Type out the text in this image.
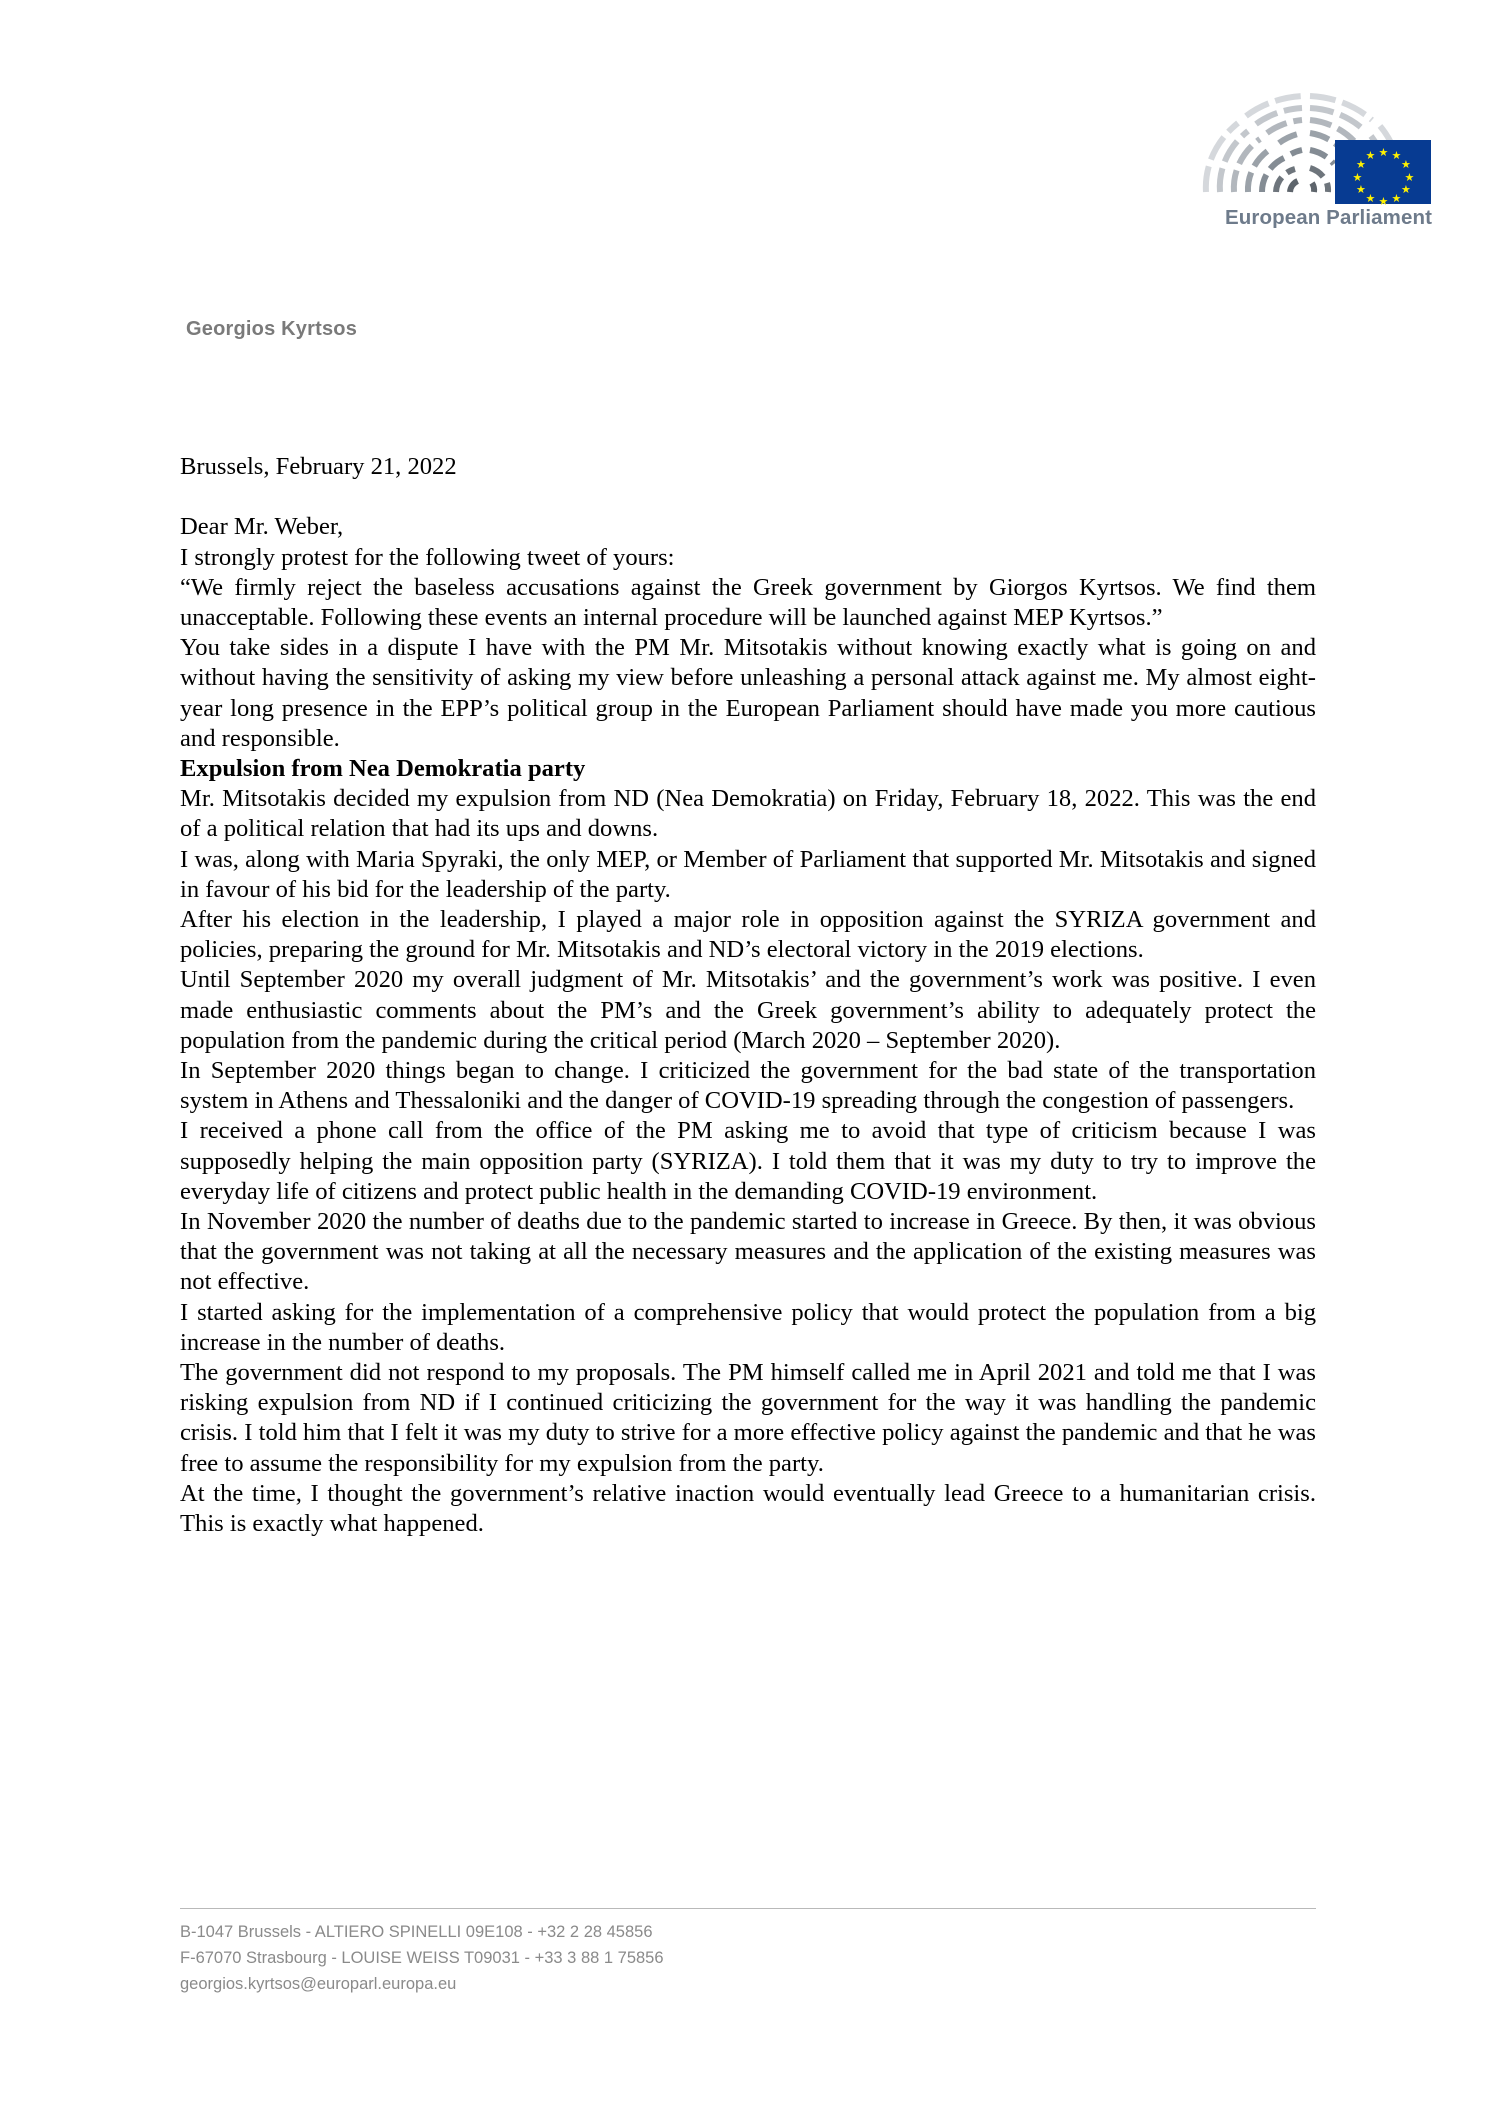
★ ★
★
★
★
★
★
★
★
★
★
★
European Parliament
Georgios Kyrtsos

Brussels, February 21, 2022

Dear Mr. Weber,

I strongly protest for the following tweet of yours:

“We firmly reject the baseless accusations against the Greek government by Giorgos Kyrtsos. We find them unacceptable. Following these events an internal procedure will be launched against MEP Kyrtsos.”

You take sides in a dispute I have with the PM Mr. Mitsotakis without knowing exactly what is going on and without having the sensitivity of asking my view before unleashing a personal attack against me. My almost eight-year long presence in the EPP’s political group in the European Parliament should have made you more cautious and responsible.

Expulsion from Nea Demokratia party

Mr. Mitsotakis decided my expulsion from ND (Nea Demokratia) on Friday, February 18, 2022. This was the end of a political relation that had its ups and downs.

I was, along with Maria Spyraki, the only MEP, or Member of Parliament that supported Mr. Mitsotakis and signed in favour of his bid for the leadership of the party.

After his election in the leadership, I played a major role in opposition against the SYRIZA government and policies, preparing the ground for Mr. Mitsotakis and ND’s electoral victory in the 2019 elections.

Until September 2020 my overall judgment of Mr. Mitsotakis’ and the government’s work was positive. I even made enthusiastic comments about the PM’s and the Greek government’s ability to adequately protect the population from the pandemic during the critical period (March 2020 – September 2020).

In September 2020 things began to change. I criticized the government for the bad state of the transportation system in Athens and Thessaloniki and the danger of COVID-19 spreading through the congestion of passengers.

I received a phone call from the office of the PM asking me to avoid that type of criticism because I was supposedly helping the main opposition party (SYRIZA). I told them that it was my duty to try to improve the everyday life of citizens and protect public health in the demanding COVID-19 environment.

In November 2020 the number of deaths due to the pandemic started to increase in Greece. By then, it was obvious that the government was not taking at all the necessary measures and the application of the existing measures was not effective.

I started asking for the implementation of a comprehensive policy that would protect the population from a big increase in the number of deaths.

The government did not respond to my proposals. The PM himself called me in April 2021 and told me that I was risking expulsion from ND if I continued criticizing the government for the way it was handling the pandemic crisis. I told him that I felt it was my duty to strive for a more effective policy against the pandemic and that he was free to assume the responsibility for my expulsion from the party.

At the time, I thought the government’s relative inaction would eventually lead Greece to a humanitarian crisis. This is exactly what happened.

B-1047 Brussels - ALTIERO SPINELLI 09E108 - +32 2 28 45856
F-67070 Strasbourg - LOUISE WEISS T09031 - +33 3 88 1 75856
georgios.kyrtsos@europarl.europa.eu
